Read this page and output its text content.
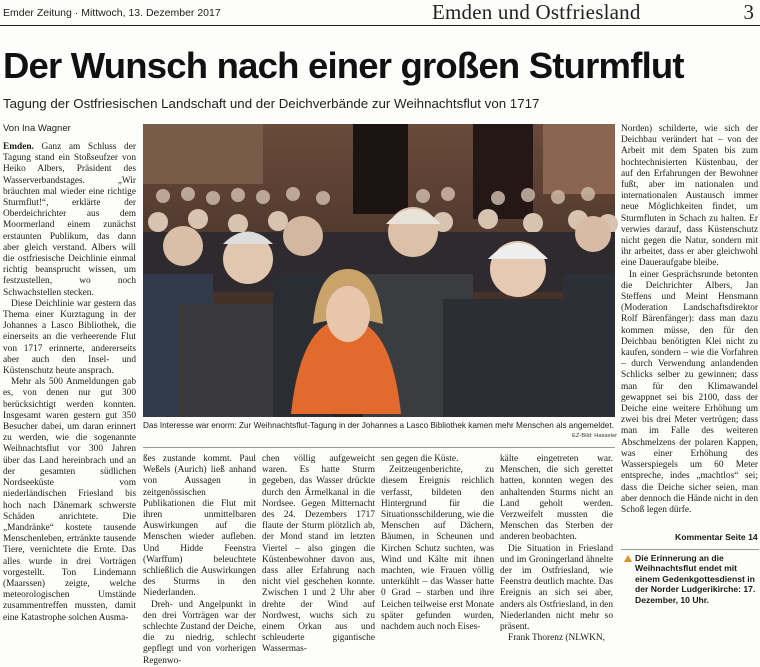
Emder Zeitung · Mittwoch, 13. Dezember 2017	Emden und Ostfriesland	3
Der Wunsch nach einer großen Sturmflut
Tagung der Ostfriesischen Landschaft und der Deichverbände zur Weihnachtsflut von 1717
Von Ina Wagner

Emden. Ganz am Schluss der Tagung stand ein Stoßseufzer von Heiko Albers, Präsident des Wasserverbandstages. „Wir bräuchten mal wieder eine richtige Sturmflut!“, erklärte der Oberdeichrichter aus dem Moormerland einem zunächst erstaunten Publikum, das dann aber gleich verstand. Albers will die ostfriesische Deichlinie einmal richtig beansprucht wissen, um festzustellen, wo noch Schwachstellen stecken.

Diese Deichlinie war gestern das Thema einer Kurztagung in der Johannes a Lasco Bibliothek, die einerseits an die verheerende Flut von 1717 erinnerte, andererseits aber auch den Insel- und Küstenschutz heute ansprach.

Mehr als 500 Anmeldungen gab es, von denen nur gut 300 berücksichtigt werden konnten. Insgesamt waren gestern gut 350 Besucher dabei, um daran erinnert zu werden, wie die sogenannte Weihnachtsflut vor 300 Jahren über das Land hereinbrach und an der gesamten südlichen Nordseeküste vom niederländischen Friesland bis hoch nach Dänemark schwerste Schäden anrichtete. Die „Mandränke“ kostete tausende Menschenleben, ertränkte tausende Tiere, vernichtete die Ernte. Das alles wurde in drei Vorträgen vorgestellt. Ton Lindemann (Maarssen) zeigte, welche meteorologischen Umstände zusammentreffen mussten, damit eine Katastrophe solchen Ausma-

Das Interesse war enorm: Zur Weihnachtsflut-Tagung in der Johannes a Lasco Bibliothek kamen mehr Menschen als angemeldet.
EZ-Bild: Hasseler

ßes zustande kommt. Paul Weßels (Aurich) ließ anhand von Aussagen in zeitgenössischen Publikationen die Flut mit ihren unmittelbaren Auswirkungen auf die Menschen wieder aufleben. Und Hidde Feenstra (Warffum) beleuchtete schließlich die Auswirkungen des Sturms in den Niederlanden.

Dreh- und Angelpunkt in den drei Vorträgen war der schlechte Zustand der Deiche, die zu niedrig, schlecht gepflegt und von vorherigen Regenwo-

chen völlig aufgeweicht waren. Es hatte Sturm gegeben, das Wasser drückte durch den Ärmelkanal in die Nordsee. Gegen Mitternacht des 24. Dezembers 1717 flaute der Sturm plötzlich ab, der Mond stand im letzten Viertel – also gingen die Küstenbewohner davon aus, dass aller Erfahrung nach nicht viel geschehen konnte. Zwischen 1 und 2 Uhr aber drehte der Wind auf Nordwest, wuchs sich zu einem Orkan aus und schleuderte gigantische Wassermas-

sen gegen die Küste.

Zeitzeugenberichte, zu diesem Ereignis reichlich verfasst, bildeten den Hintergrund für die Situationsschilderung, wie die Menschen auf Dächern, Bäumen, in Scheunen und Kirchen Schutz suchten, was Wind und Kälte mit ihnen machten, wie Frauen völlig unterkühlt – das Wasser hatte 0 Grad – starben und ihre Leichen teilweise erst Monate später gefunden wurden, nachdem auch noch Eises-

kälte eingetreten war. Menschen, die sich gerettet hatten, konnten wegen des anhaltenden Sturms nicht an Land geholt werden. Verzweifelt mussten die Menschen das Sterben der anderen beobachten.

Die Situation in Friesland und im Groningerland ähnelte der im Ostfriesland, wie Feenstra deutlich machte. Das Ereignis an sich sei aber, anders als Ostfriesland, in den Niederlanden nicht mehr so präsent.

Frank Thorenz (NLWKN,

Norden) schilderte, wie sich der Deichbau verändert hat – von der Arbeit mit dem Spaten bis zum hochtechnisierten Küstenbau, der auf den Erfahrungen der Bewohner fußt, aber im nationalen und internationalen Austausch immer neue Möglichkeiten findet, um Sturmfluten in Schach zu halten. Er verwies darauf, dass Küstenschutz nicht gegen die Natur, sondern mit ihr arbeitet, dass er aber gleichwohl eine Daueraufgabe bleibe.

In einer Gesprächsrunde betonten die Deichrichter Albers, Jan Steffens und Meint Hensmann (Moderation Landschaftsdirektor Rolf Bärenfänger): dass man dazu kommen müsse, den für den Deichbau benötigten Klei nicht zu kaufen, sondern – wie die Vorfahren – durch Verwendung anlandenden Schlicks selber zu gewinnen; dass man für den Klimawandel gewappnet sei bis 2100, dass der Deiche eine weitere Erhöhung um zwei bis drei Meter vertrügen; dass man im Falle des weiteren Abschmelzens der polaren Kappen, was einer Erhöhung des Wasserspiegels um 60 Meter entspreche, indes „machtlos“ sei; dass die Deiche sicher seien, man aber dennoch die Hände nicht in den Schoß legen dürfe.

Kommentar Seite 14
Die Erinnerung an die Weihnachtsflut endet mit einem Gedenkgottesdienst in der Norder Ludgerikirche: 17. Dezember, 10 Uhr.
